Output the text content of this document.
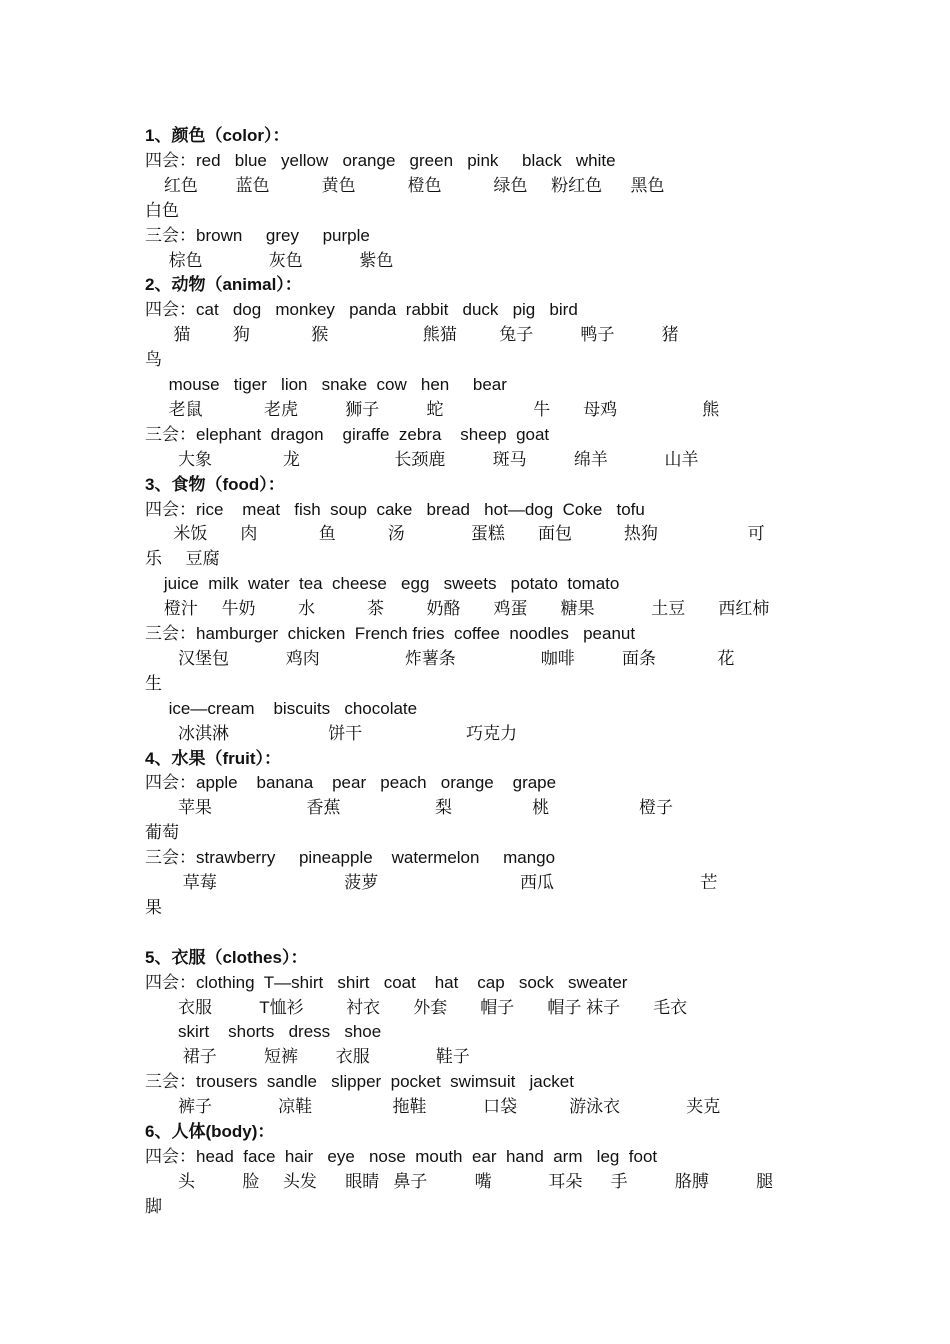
1、颜色（color）：
四会：red   blue   yellow   orange   green   pink     black   white
红色        蓝色           黄色           橙色           绿色     粉红色      黑色
白色
三会：brown     grey     purple
棕色              灰色            紫色
2、动物（animal）：
四会：cat   dog   monkey   panda  rabbit   duck   pig   bird
猫         狗             猴                    熊猫         兔子          鸭子          猪
鸟
mouse   tiger   lion   snake  cow   hen     bear
老鼠             老虎          狮子          蛇                   牛       母鸡                  熊
三会：elephant  dragon    giraffe  zebra    sheep  goat
大象               龙                    长颈鹿          斑马          绵羊            山羊
3、食物（food）：
四会：rice    meat   fish  soup  cake   bread   hot—dog  Coke   tofu
米饭       肉             鱼           汤              蛋糕       面包           热狗                   可
乐     豆腐
juice  milk  water  tea  cheese   egg   sweets   potato  tomato
橙汁     牛奶         水           茶         奶酪       鸡蛋       糖果            土豆       西红柿
三会：hamburger  chicken  French fries  coffee  noodles   peanut
汉堡包            鸡肉                  炸薯条                  咖啡          面条             花
生
ice—cream    biscuits   chocolate
冰淇淋                     饼干                      巧克力
4、水果（fruit）：
四会：apple    banana    pear   peach   orange    grape
苹果                    香蕉                    梨                 桃                   橙子
葡萄
三会：strawberry     pineapple    watermelon     mango
草莓                           菠萝                              西瓜                               芒
果
5、衣服（clothes）：
四会：clothing  T—shirt   shirt   coat    hat    cap   sock   sweater
衣服          T恤衫         衬衣       外套       帽子       帽子 袜子       毛衣
skirt    shorts   dress   shoe
裙子          短裤        衣服              鞋子
三会：trousers  sandle   slipper  pocket  swimsuit   jacket
裤子              凉鞋                 拖鞋            口袋           游泳衣              夹克
6、人体(body)：
四会：head  face  hair   eye   nose  mouth  ear  hand  arm   leg  foot
头          脸     头发      眼睛   鼻子          嘴            耳朵      手          胳膊          腿
脚
